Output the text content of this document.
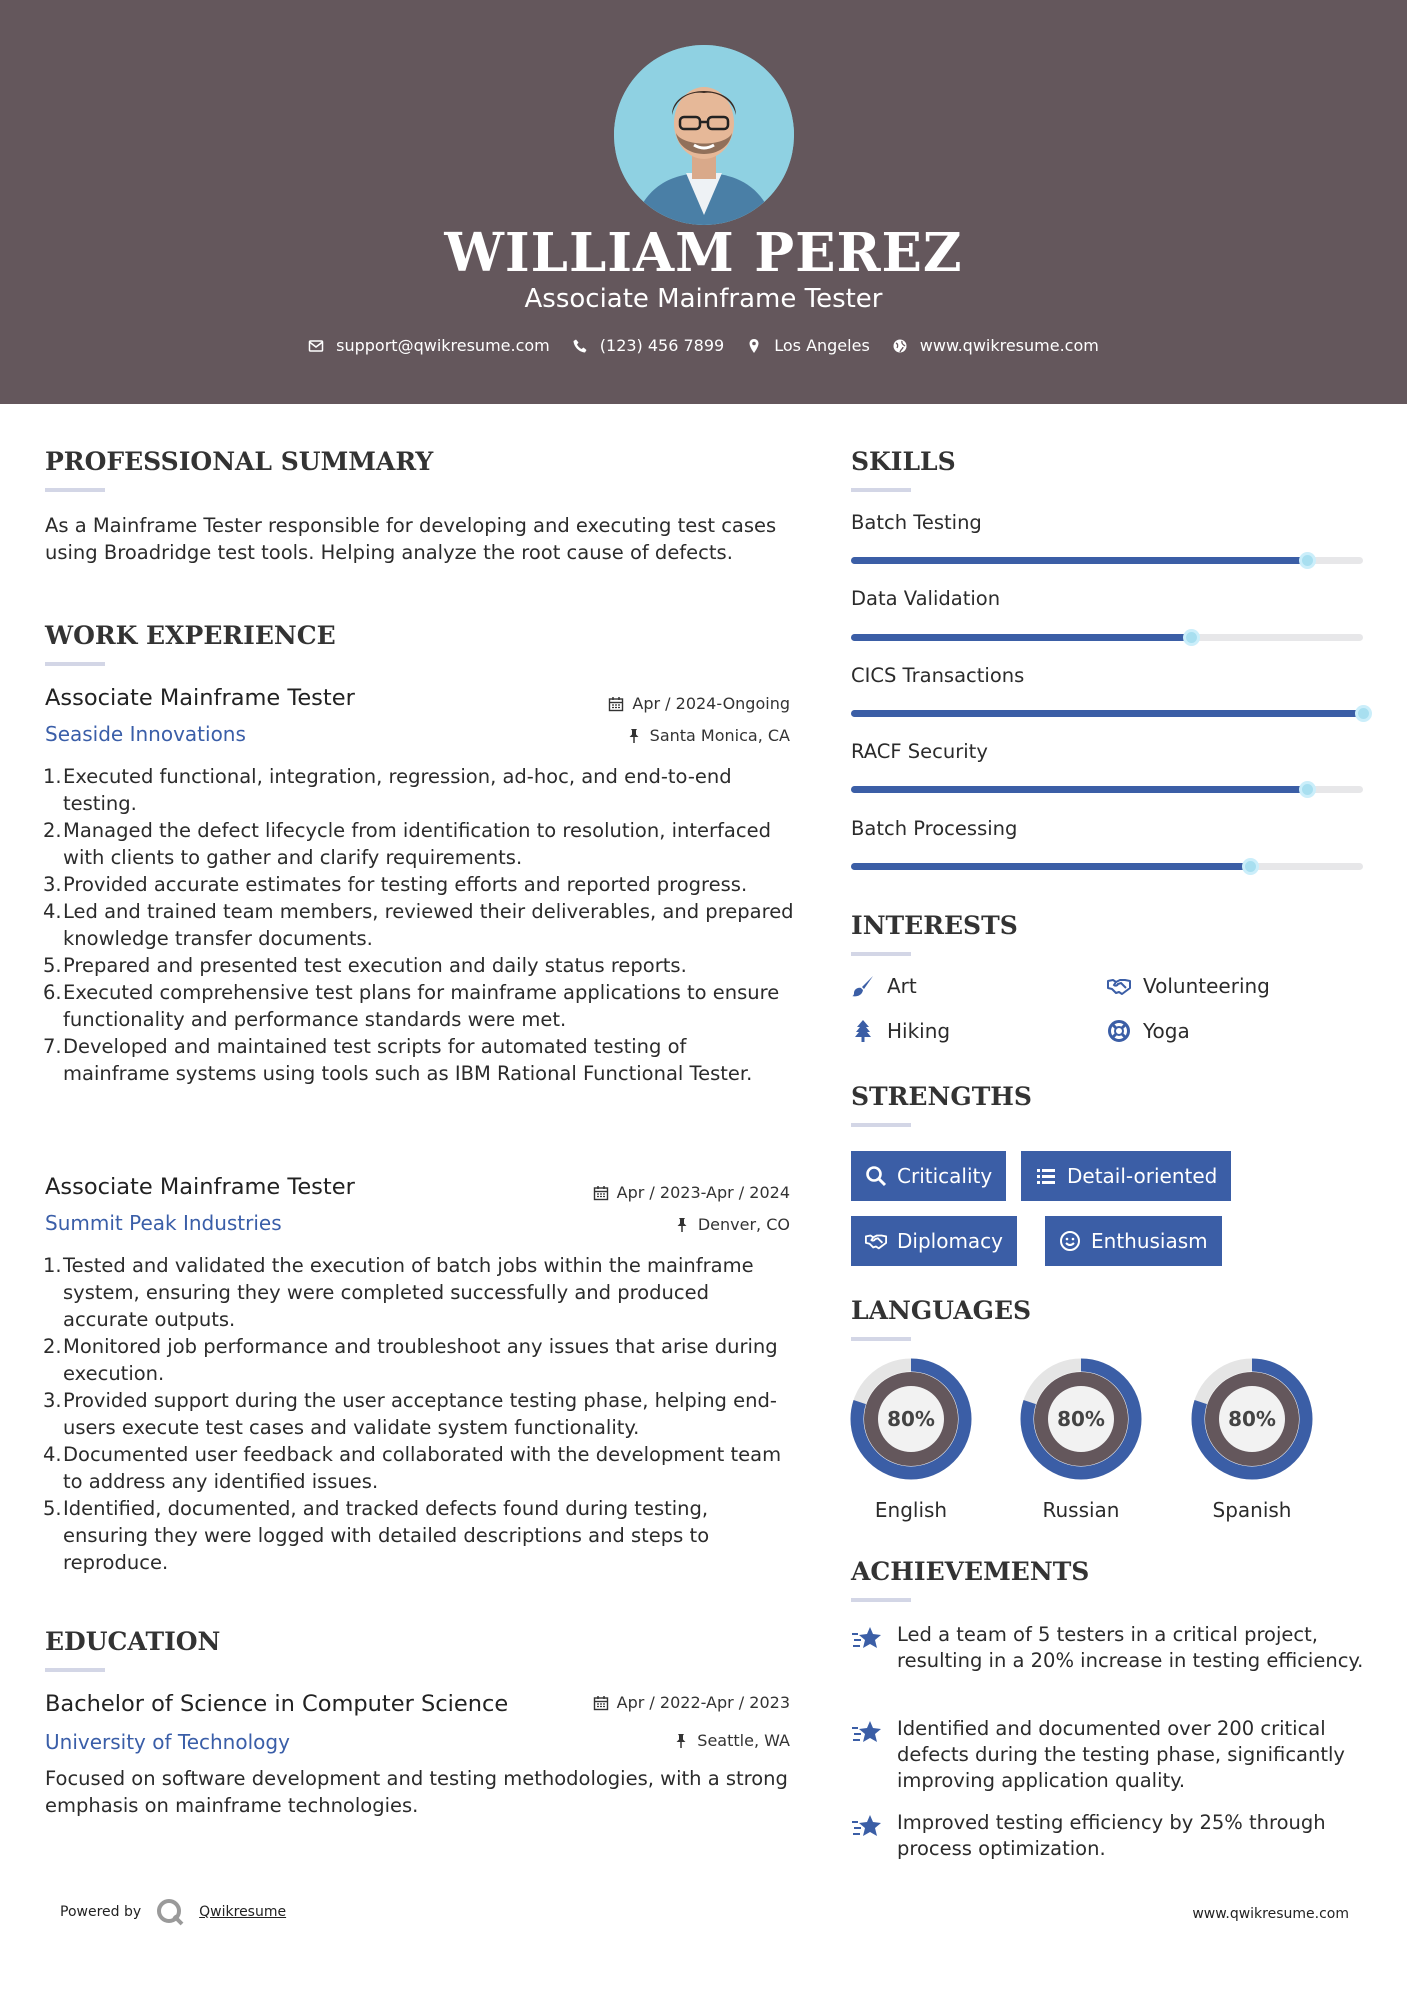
WILLIAM PEREZ
Associate Mainframe Tester
support@qwikresume.com	(123) 456 7899	Los Angeles	www.qwikresume.com
PROFESSIONAL SUMMARY
As a Mainframe Tester responsible for developing and executing test cases using Broadridge test tools. Helping analyze the root cause of defects.
WORK EXPERIENCE
Associate Mainframe Tester	Apr / 2024-Ongoing
Seaside Innovations	Santa Monica, CA
1. Executed functional, integration, regression, ad-hoc, and end-to-end testing.
2. Managed the defect lifecycle from identification to resolution, interfaced with clients to gather and clarify requirements.
3. Provided accurate estimates for testing efforts and reported progress.
4. Led and trained team members, reviewed their deliverables, and prepared knowledge transfer documents.
5. Prepared and presented test execution and daily status reports.
6. Executed comprehensive test plans for mainframe applications to ensure functionality and performance standards were met.
7. Developed and maintained test scripts for automated testing of mainframe systems using tools such as IBM Rational Functional Tester.
Associate Mainframe Tester	Apr / 2023-Apr / 2024
Summit Peak Industries	Denver, CO
1. Tested and validated the execution of batch jobs within the mainframe system, ensuring they were completed successfully and produced accurate outputs.
2. Monitored job performance and troubleshoot any issues that arise during execution.
3. Provided support during the user acceptance testing phase, helping end-users execute test cases and validate system functionality.
4. Documented user feedback and collaborated with the development team to address any identified issues.
5. Identified, documented, and tracked defects found during testing, ensuring they were logged with detailed descriptions and steps to reproduce.
EDUCATION
Bachelor of Science in Computer Science	Apr / 2022-Apr / 2023
University of Technology	Seattle, WA
Focused on software development and testing methodologies, with a strong emphasis on mainframe technologies.
SKILLS
Batch Testing
Data Validation
CICS Transactions
RACF Security
Batch Processing
INTERESTS
Art	Volunteering
Hiking	Yoga
STRENGTHS
Criticality	Detail-oriented
Diplomacy	Enthusiasm
LANGUAGES
80%
English
80%
Russian
80%
Spanish
ACHIEVEMENTS
Led a team of 5 testers in a critical project, resulting in a 20% increase in testing efficiency.
Identified and documented over 200 critical defects during the testing phase, significantly improving application quality.
Improved testing efficiency by 25% through process optimization.
Powered by	Qwikresume	www.qwikresume.com
